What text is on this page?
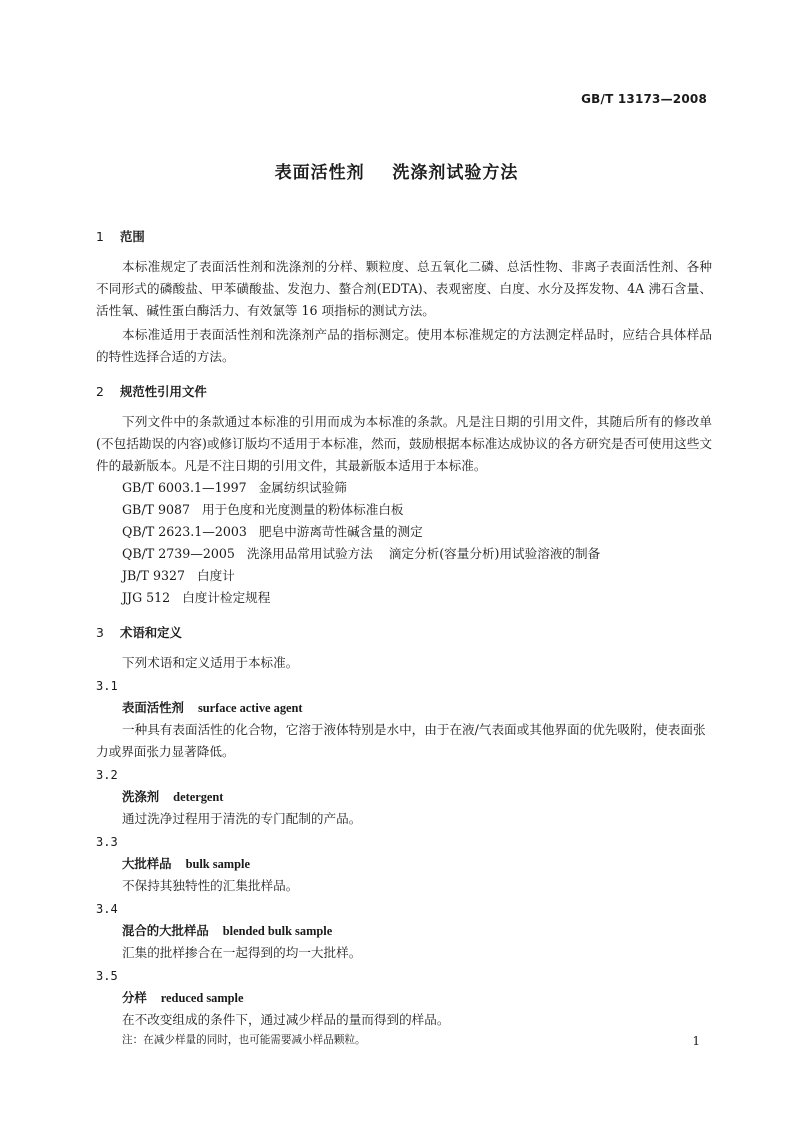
GB/T 13173—2008
表面活性剂    洗涤剂试验方法
1 范围
本标准规定了表面活性剂和洗涤剂的分样、颗粒度、总五氧化二磷、总活性物、非离子表面活性剂、各种不同形式的磷酸盐、甲苯磺酸盐、发泡力、螯合剂(EDTA)、表观密度、白度、水分及挥发物、4A 沸石含量、活性氧、碱性蛋白酶活力、有效氯等 16 项指标的测试方法。
本标准适用于表面活性剂和洗涤剂产品的指标测定。使用本标准规定的方法测定样品时，应结合具体样品的特性选择合适的方法。
2 规范性引用文件
下列文件中的条款通过本标准的引用而成为本标准的条款。凡是注日期的引用文件，其随后所有的修改单(不包括勘误的内容)或修订版均不适用于本标准，然而，鼓励根据本标准达成协议的各方研究是否可使用这些文件的最新版本。凡是不注日期的引用文件，其最新版本适用于本标准。
GB/T 6003.1—1997 金属纺织试验筛
GB/T 9087 用于色度和光度测量的粉体标准白板
QB/T 2623.1—2003 肥皂中游离苛性碱含量的测定
QB/T 2739—2005 洗涤用品常用试验方法    滴定分析(容量分析)用试验溶液的制备
JB/T 9327 白度计
JJG 512 白度计检定规程
3 术语和定义
下列术语和定义适用于本标准。
3.1
表面活性剂 surface active agent
一种具有表面活性的化合物，它溶于液体特别是水中，由于在液/气表面或其他界面的优先吸附，使表面张力或界面张力显著降低。
3.2
洗涤剂 detergent
通过洗净过程用于清洗的专门配制的产品。
3.3
大批样品 bulk sample
不保持其独特性的汇集批样品。
3.4
混合的大批样品 blended bulk sample
汇集的批样掺合在一起得到的均一大批样。
3.5
分样 reduced sample
在不改变组成的条件下，通过减少样品的量而得到的样品。
注：在减少样量的同时，也可能需要减小样品颗粒。	1
